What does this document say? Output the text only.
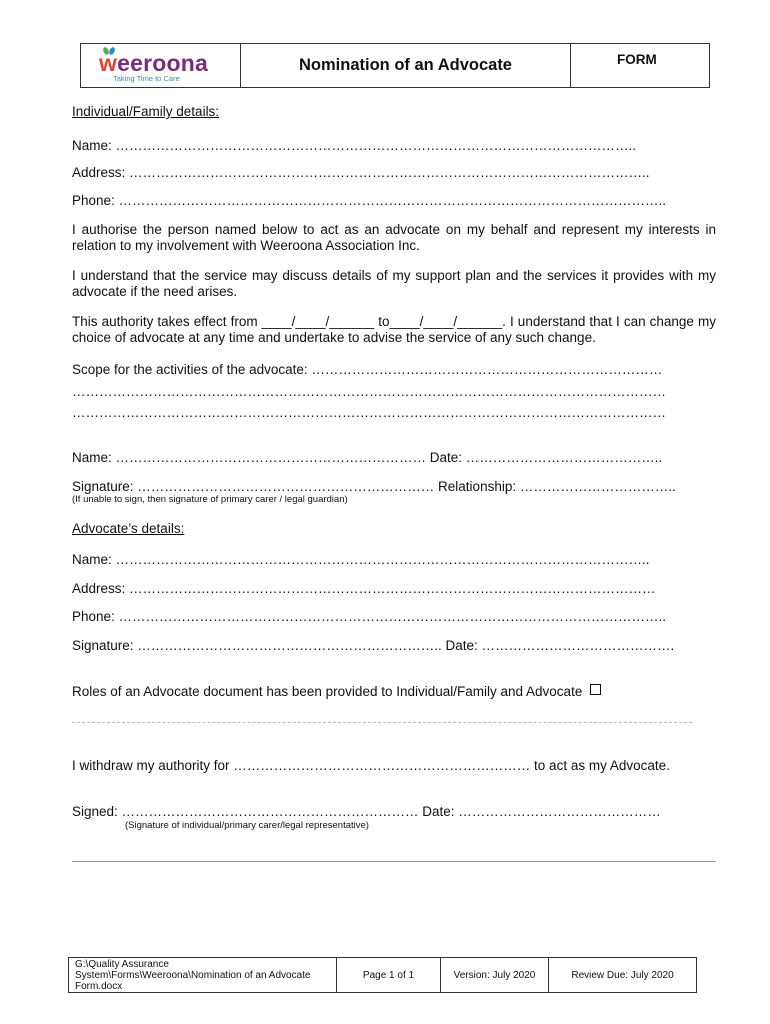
weeroona
Taking Time to Care
Nomination of an Advocate	FORM
Individual/Family details:
Name: ……………………………………………………………………………………………………..
Address: ……………………………………………………………………………………………………..
Phone: …………………………………………………………………………………………………………..
I authorise the person named below to act as an advocate on my behalf and represent my interests in relation to my involvement with Weeroona Association Inc.
I understand that the service may discuss details of my support plan and the services it provides with my advocate if the need arises.
This authority takes effect from ____/____/______ to____/____/______. I understand that I can change my choice of advocate at any time and undertake to advise the service of any such change.
Scope for the activities of the advocate: ……………………………………………………………………
……………………………………………………………………………………………………………………
……………………………………………………………………………………………………………………
Name: …………………………………………………………… Date: ……………………………………..
Signature: ………………………………………………………… Relationship: ……………………………..
(If unable to sign, then signature of primary carer / legal guardian)
Advocate’s details:
Name: ………………………………………………………………………………………………………..
Address: ………………………………………………………………………………………………………
Phone: …………………………………………………………………………………………………………..
Signature: ………………………………………………………….. Date: …………………………………….
Roles of an Advocate document has been provided to Individual/Family and Advocate
I withdraw my authority for ………………………………………………………… to act as my Advocate.
Signed: ………………………………………………………… Date: ………………………………………
(Signature of individual/primary carer/legal representative)
G:\Quality Assurance System\Forms\Weeroona\Nomination of an Advocate Form.docx
Page 1 of 1	Version: July 2020	Review Due: July 2020
